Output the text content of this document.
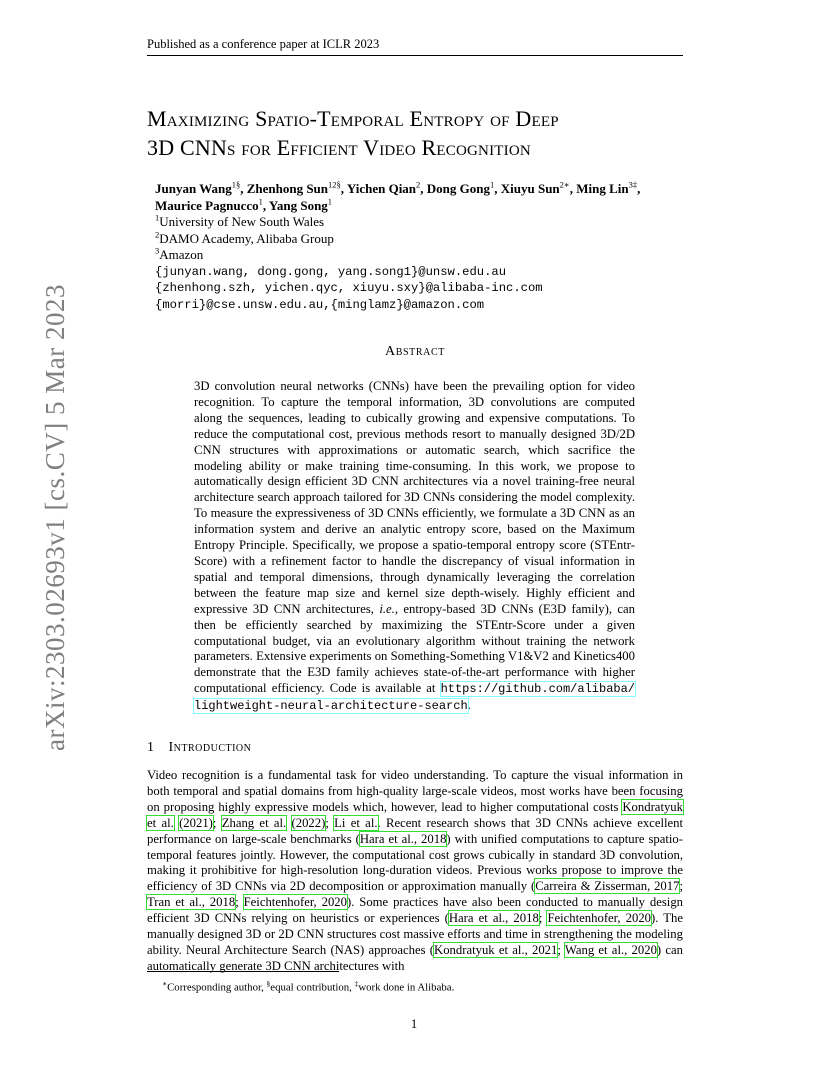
Published as a conference paper at ICLR 2023
Maximizing Spatio-Temporal Entropy of Deep
3D CNNs for Efficient Video Recognition
Junyan Wang$^{1\S}$, Zhenhong Sun$^{12\S}$, Yichen Qian$^2$, Dong Gong$^1$, Xiuyu Sun$^{2∗}$, Ming Lin$^{3\ddagger}$,
Maurice Pagnucco$^1$, Yang Song$^1$
$^1$University of New South Wales
$^2$DAMO Academy, Alibaba Group
$^3$Amazon
{junyan.wang, dong.gong, yang.song1}@unsw.edu.au
{zhenhong.szh, yichen.qyc, xiuyu.sxy}@alibaba-inc.com
{morri}@cse.unsw.edu.au,{minglamz}@amazon.com
Abstract
3D convolution neural networks (CNNs) have been the prevailing option for video recognition. To capture the temporal information, 3D convolutions are computed along the sequences, leading to cubically growing and expensive computations. To reduce the computational cost, previous methods resort to manually designed 3D/2D CNN structures with approximations or automatic search, which sacrifice the modeling ability or make training time-consuming. In this work, we propose to automatically design efficient 3D CNN architectures via a novel training-free neural architecture search approach tailored for 3D CNNs considering the model complexity. To measure the expressiveness of 3D CNNs efficiently, we formulate a 3D CNN as an information system and derive an analytic entropy score, based on the Maximum Entropy Principle. Specifically, we propose a spatio-temporal entropy score (STEntr-Score) with a refinement factor to handle the discrepancy of visual information in spatial and temporal dimensions, through dynamically leveraging the correlation between the feature map size and kernel size depth-wisely. Highly efficient and expressive 3D CNN architectures, i.e., entropy-based 3D CNNs (E3D family), can then be efficiently searched by maximizing the STEntr-Score under a given computational budget, via an evolutionary algorithm without training the network parameters. Extensive experiments on Something-Something V1&V2 and Kinetics400 demonstrate that the E3D family achieves state-of-the-art performance with higher computational efficiency. Code is available at https://github.com/alibaba/ lightweight-neural-architecture-search.
1 Introduction
Video recognition is a fundamental task for video understanding. To capture the visual information in both temporal and spatial domains from high-quality large-scale videos, most works have been focusing on proposing highly expressive models which, however, lead to higher computational costs Kondratyuk et al. (2021); Zhang et al. (2022); Li et al.. Recent research shows that 3D CNNs achieve excellent performance on large-scale benchmarks (Hara et al., 2018) with unified computations to capture spatio-temporal features jointly. However, the computational cost grows cubically in standard 3D convolution, making it prohibitive for high-resolution long-duration videos. Previous works propose to improve the efficiency of 3D CNNs via 2D decomposition or approximation manually (Carreira & Zisserman, 2017; Tran et al., 2018; Feichtenhofer, 2020). Some practices have also been conducted to manually design efficient 3D CNNs relying on heuristics or experiences (Hara et al., 2018; Feichtenhofer, 2020). The manually designed 3D or 2D CNN structures cost massive efforts and time in strengthening the modeling ability. Neural Architecture Search (NAS) approaches (Kondratyuk et al., 2021; Wang et al., 2020) can automatically generate 3D CNN architectures with
∗Corresponding author, §equal contribution, ‡work done in Alibaba.
1
arXiv:2303.02693v1 [cs.CV] 5 Mar 2023
